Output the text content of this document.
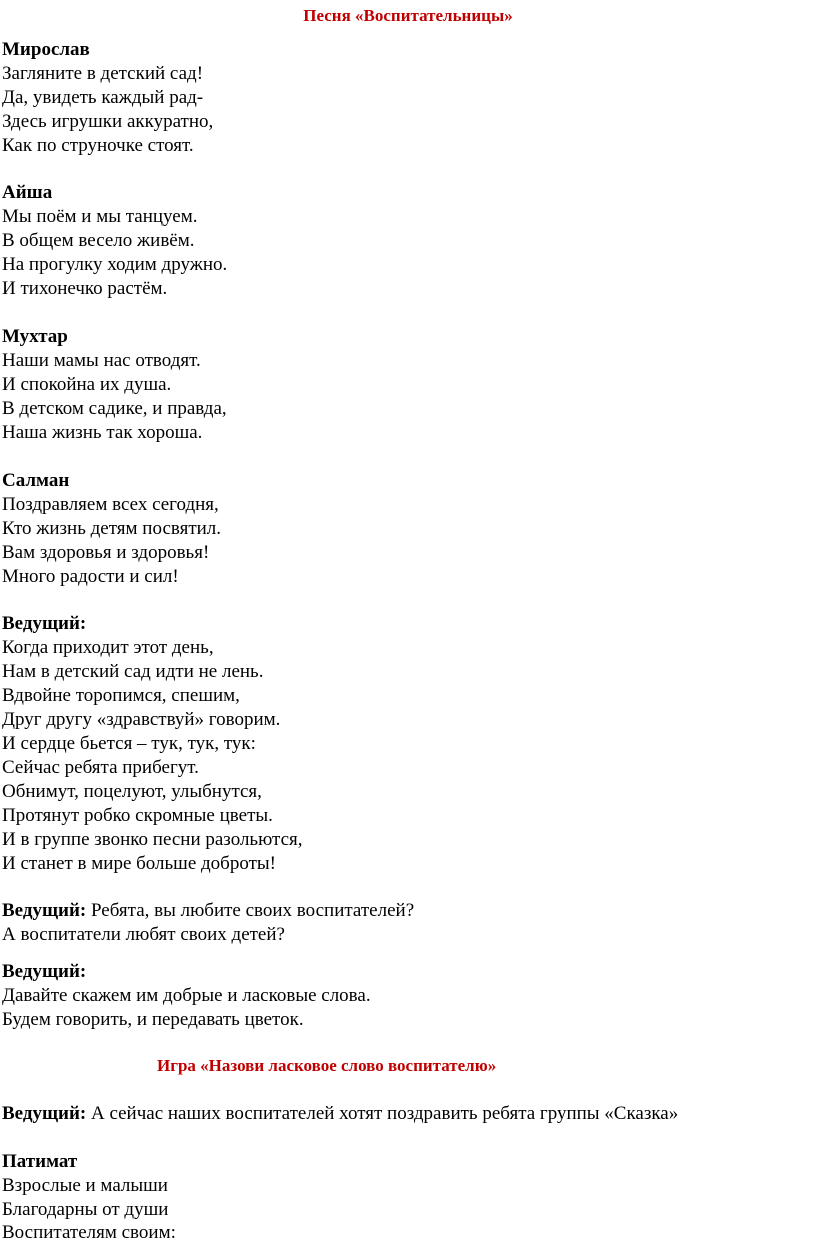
Песня «Воспитательницы»
Мирослав
Загляните в детский сад!
Да, увидеть каждый рад-
Здесь игрушки аккуратно,
Как по струночке стоят.
Айша
Мы поём и мы танцуем.
В общем весело живём.
На прогулку ходим дружно.
И тихонечко растём.
Мухтар
Наши мамы нас отводят.
И спокойна их душа.
В детском садике, и правда,
Наша жизнь так хороша.
Салман
Поздравляем всех сегодня,
Кто жизнь детям посвятил.
Вам здоровья и здоровья!
Много радости и сил!
Ведущий:
Когда приходит этот день,
Нам в детский сад идти не лень.
Вдвойне торопимся, спешим,
Друг другу «здравствуй» говорим.
И сердце бьется – тук, тук, тук:
Сейчас ребята прибегут.
Обнимут, поцелуют, улыбнутся,
Протянут робко скромные цветы.
И в группе звонко песни разольются,
И станет в мире больше доброты!
Ведущий: Ребята, вы любите своих воспитателей?
А воспитатели любят своих детей?
Ведущий:
Давайте скажем им добрые и ласковые слова.
Будем говорить, и передавать цветок.
Игра «Назови ласковое слово воспитателю»
Ведущий: А сейчас наших воспитателей хотят поздравить ребята группы «Сказка»
Патимат
Взрослые и малыши
Благодарны от души
Воспитателям своим:
